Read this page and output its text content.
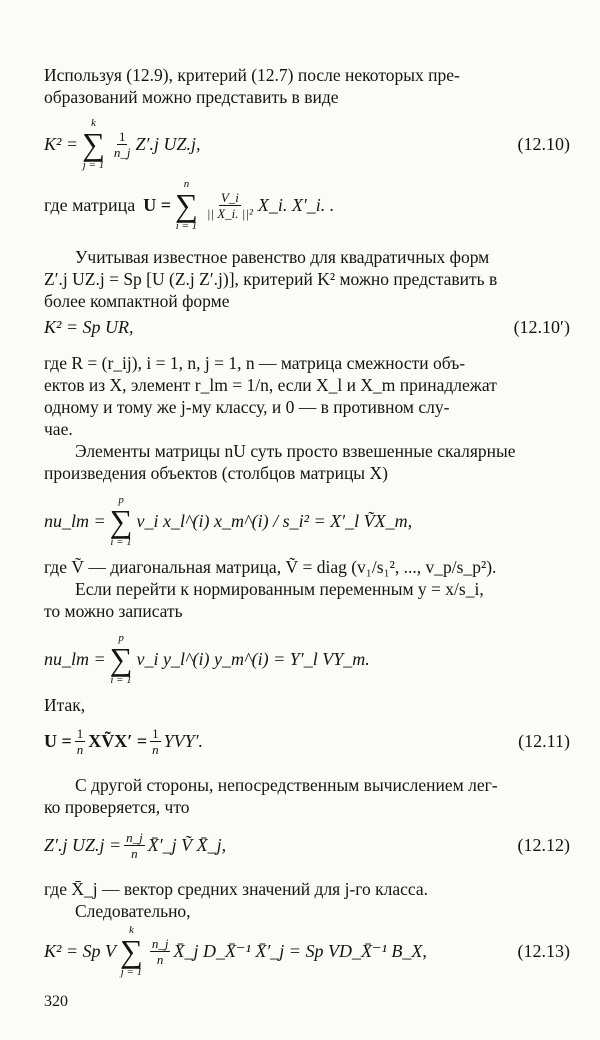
Используя (12.9), критерий (12.7) после некоторых пре-
образований можно представить в виде
K² =
k
∑
j = 1
$\frac{1}{n\_j} Z'.j$ UZ.j,	(12.10)
где матрица U =
n
∑
i = 1
$\frac{V\_i}{\text{|| X\_i. ||²}}$ X_i. X′_i. .
Учитывая известное равенство для квадратичных форм
Z′.j UZ.j = Sp [U (Z.j Z′.j)], критерий K² можно представить в
более компактной форме
K² = Sp UR,	(12.10′)
где R = (r_ij), i = 1, n, j = 1, n — матрица смежности объ-
ектов из X, элемент r_lm = 1/n, если X_l и X_m принадлежат
одному и тому же j-му классу, и 0 — в противном слу-
чае.
Элементы матрицы nU суть просто взвешенные скалярные
произведения объектов (столбцов матрицы X)
nu_lm =
p
∑
i = 1
v_i x_l^(i) x_m^(i) / s_i² = X′_l ṼX_m,
где Ṽ — диагональная матрица, Ṽ = diag (v₁/s₁², ..., v_p/s_p²).
Если перейти к нормированным переменным y = x/s_i,
то можно записать
nu_lm =
p
∑
i = 1
v_i y_l^(i) y_m^(i) = Y′_l VY_m.
Итак,
$U = \frac{1}{n}$ XṼX′ = $\frac{1}{n} YVY'$.	(12.11)
С другой стороны, непосредственным вычислением лег-
ко проверяется, что
Z′.j $UZ.j = \frac{n\_j}{n}$ X̄′_j Ṽ X̄_j,	(12.12)
где X̄_j — вектор средних значений для j-го класса.
Следовательно,
K² = Sp V
k
∑
j = 1
$\frac{n\_j}{n}$ X̄_j D_X̄⁻¹ X̄′_j = Sp VD_X̄⁻¹ B_X,	(12.13)
320
